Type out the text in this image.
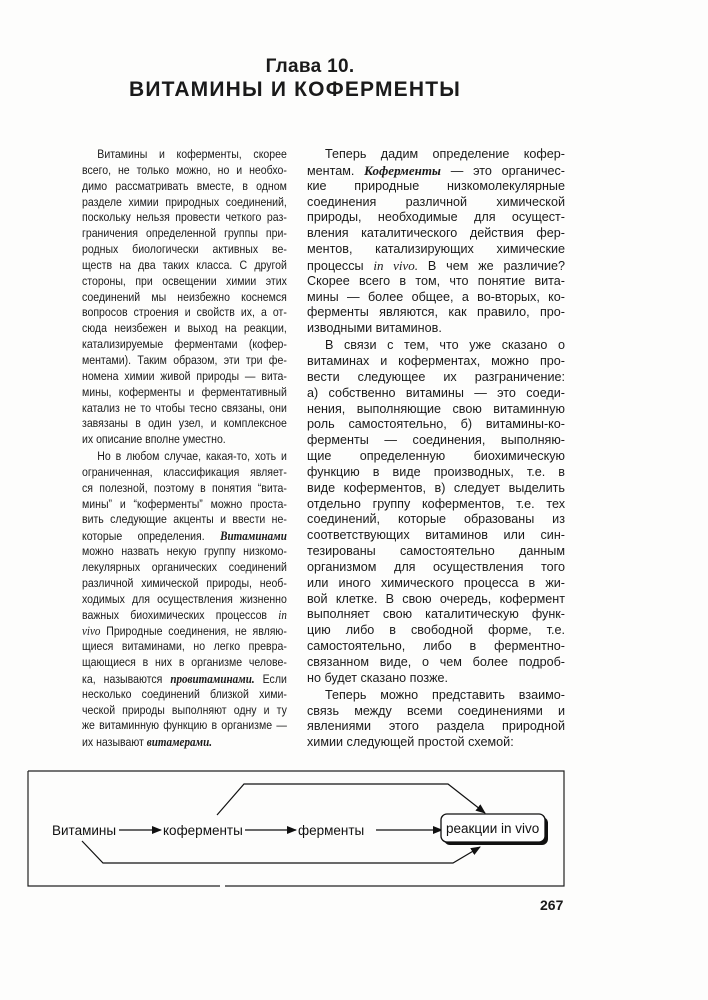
Глава 10.
ВИТАМИНЫ И КОФЕРМЕНТЫ
Витамины и коферменты, скорее
всего, не только можно, но и необхо-
димо рассматривать вместе, в одном
разделе химии природных соединений,
поскольку нельзя провести четкого раз-
граничения определенной группы при-
родных биологически активных ве-
ществ на два таких класса. С другой
стороны, при освещении химии этих
соединений мы неизбежно коснемся
вопросов строения и свойств их, а от-
сюда неизбежен и выход на реакции,
катализируемые ферментами (кофер-
ментами). Таким образом, эти три фе-
номена химии живой природы — вита-
мины, коферменты и ферментативный
катализ не то чтобы тесно связаны, они
завязаны в один узел, и комплексное
их описание вполне уместно.
Но в любом случае, какая-то, хоть и
ограниченная, классификация являет-
ся полезной, поэтому в понятия “вита-
мины” и “коферменты” можно проста-
вить следующие акценты и ввести не-
которые определения. Витаминами
можно назвать некую группу низкомо-
лекулярных органических соединений
различной химической природы, необ-
ходимых для осуществления жизненно
важных биохимических процессов in
vivo Природные соединения, не являю-
щиеся витаминами, но легко превра-
щающиеся в них в организме челове-
ка, называются провитаминами. Если
несколько соединений близкой хими-
ческой природы выполняют одну и ту
же витаминную функцию в организме —
их называют витамерами.
Теперь дадим определение кофер-
ментам. Коферменты — это органичес-
кие природные низкомолекулярные
соединения различной химической
природы, необходимые для осущест-
вления каталитического действия фер-
ментов, катализирующих химические
процессы in vivo. В чем же различие?
Скорее всего в том, что понятие вита-
мины — более общее, а во-вторых, ко-
ферменты являются, как правило, про-
изводными витаминов.
В связи с тем, что уже сказано о
витаминах и коферментах, можно про-
вести следующее их разграничение:
а) собственно витамины — это соеди-
нения, выполняющие свою витаминную
роль самостоятельно, б) витамины-ко-
ферменты — соединения, выполняю-
щие определенную биохимическую
функцию в виде производных, т.е. в
виде коферментов, в) следует выделить
отдельно группу коферментов, т.е. тех
соединений, которые образованы из
соответствующих витаминов или син-
тезированы самостоятельно данным
организмом для осуществления того
или иного химического процесса в жи-
вой клетке. В свою очередь, кофермент
выполняет свою каталитическую функ-
цию либо в свободной форме, т.е.
самостоятельно, либо в ферментно-
связанном виде, о чем более подроб-
но будет сказано позже.
Теперь можно представить взаимо-
связь между всеми соединениями и
явлениями этого раздела природной
химии следующей простой схемой:
Витамины	коферменты	ферменты	реакции in vivo
267
